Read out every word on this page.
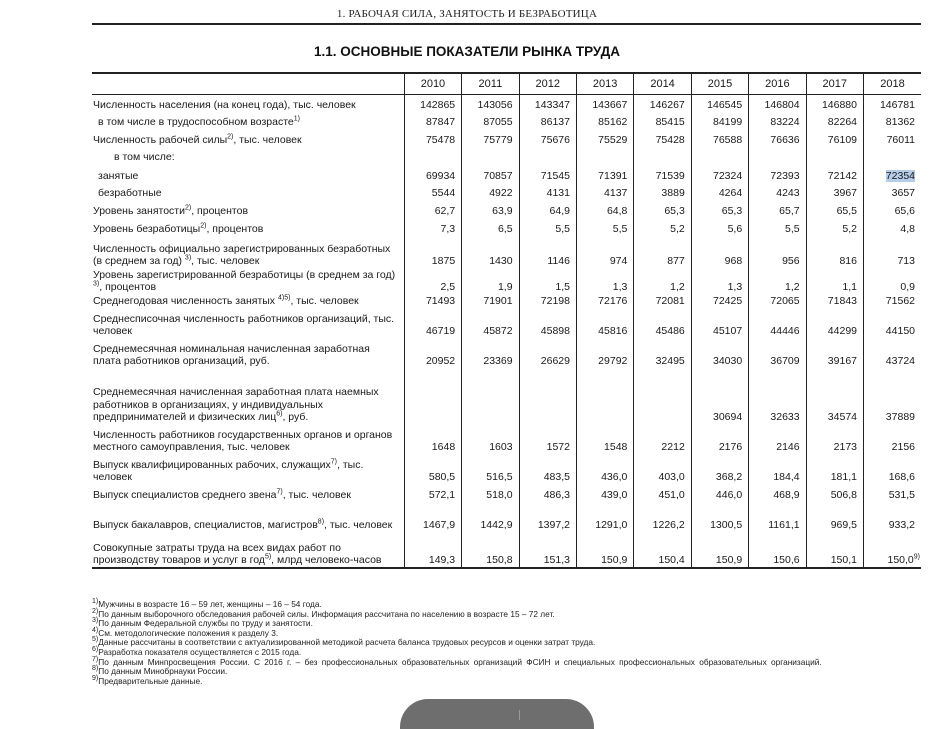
1. РАБОЧАЯ СИЛА, ЗАНЯТОСТЬ И БЕЗРАБОТИЦА
1.1. ОСНОВНЫЕ ПОКАЗАТЕЛИ РЫНКА ТРУДА
	2010	2011	2012	2013	2014	2015	2016	2017	2018
Численность населения (на конец года), тыс. человек	142865	143056	143347	143667	146267	146545	146804	146880	146781
в том числе в трудоспособном возрасте$^{1)}$	87847	87055	86137	85162	85415	84199	83224	82264	81362
Численность рабочей силы$^{2)}$, тыс. человек	75478	75779	75676	75529	75428	76588	76636	76109	76011
в том числе:									
занятые	69934	70857	71545	71391	71539	72324	72393	72142	72354
безработные	5544	4922	4131	4137	3889	4264	4243	3967	3657
Уровень занятости$^{2)}$, процентов	62,7	63,9	64,9	64,8	65,3	65,3	65,7	65,5	65,6
Уровень безработицы$^{2)}$, процентов	7,3	6,5	5,5	5,5	5,2	5,6	5,5	5,2	4,8
Численность официально зарегистрированных безработных (в среднем за год) $^{3)}$, тыс. человек	1875	1430	1146	974	877	968	956	816	713
Уровень зарегистрированной безработицы (в среднем за год) $^{3)}$, процентов	2,5	1,9	1,5	1,3	1,2	1,3	1,2	1,1	0,9
Среднегодовая численность занятых $^{4)5)}$, тыс. человек	71493	71901	72198	72176	72081	72425	72065	71843	71562
Среднесписочная численность работников организаций, тыс. человек	46719	45872	45898	45816	45486	45107	44446	44299	44150
Среднемесячная номинальная начисленная заработная плата работников организаций, руб.	20952	23369	26629	29792	32495	34030	36709	39167	43724
Среднемесячная начисленная заработная плата наемных работников в организациях, у индивидуальных предпринимателей и физических лиц$^{6)}$, руб.						30694	32633	34574	37889
Численность работников государственных органов и органов местного самоуправления, тыс. человек	1648	1603	1572	1548	2212	2176	2146	2173	2156
Выпуск квалифицированных рабочих, служащих$^{7)}$, тыс. человек	580,5	516,5	483,5	436,0	403,0	368,2	184,4	181,1	168,6
Выпуск специалистов среднего звена$^{7)}$, тыс. человек	572,1	518,0	486,3	439,0	451,0	446,0	468,9	506,8	531,5
Выпуск бакалавров, специалистов, магистров$^{8)}$, тыс. человек	1467,9	1442,9	1397,2	1291,0	1226,2	1300,5	1161,1	969,5	933,2
Совокупные затраты труда на всех видах работ по производству товаров и услуг в год$^{5)}$, млрд человеко-часов	149,3	150,8	151,3	150,9	150,4	150,9	150,6	150,1	150,0$^{9)}$

$^{1)}$Мужчины в возрасте 16 – 59 лет, женщины – 16 – 54 года.

$^{2)}$По данным выборочного обследования рабочей силы. Информация рассчитана по населению в возрасте 15 – 72 лет.

$^{3)}$По данным Федеральной службы по труду и занятости.

$^{4)}$См. методологические положения к разделу 3.

$^{5)}$Данные рассчитаны в соответствии с актуализированной методикой расчета баланса трудовых ресурсов и оценки затрат труда.

$^{6)}$Разработка показателя осуществляется с 2015 года.

$^{7)}$По данным Минпросвещения России. С 2016 г. – без профессиональных образовательных организаций ФСИН и специальных профессиональных образовательных организаций.

$^{8)}$По данным Минобрнауки России.

$^{9)}$Предварительные данные.
